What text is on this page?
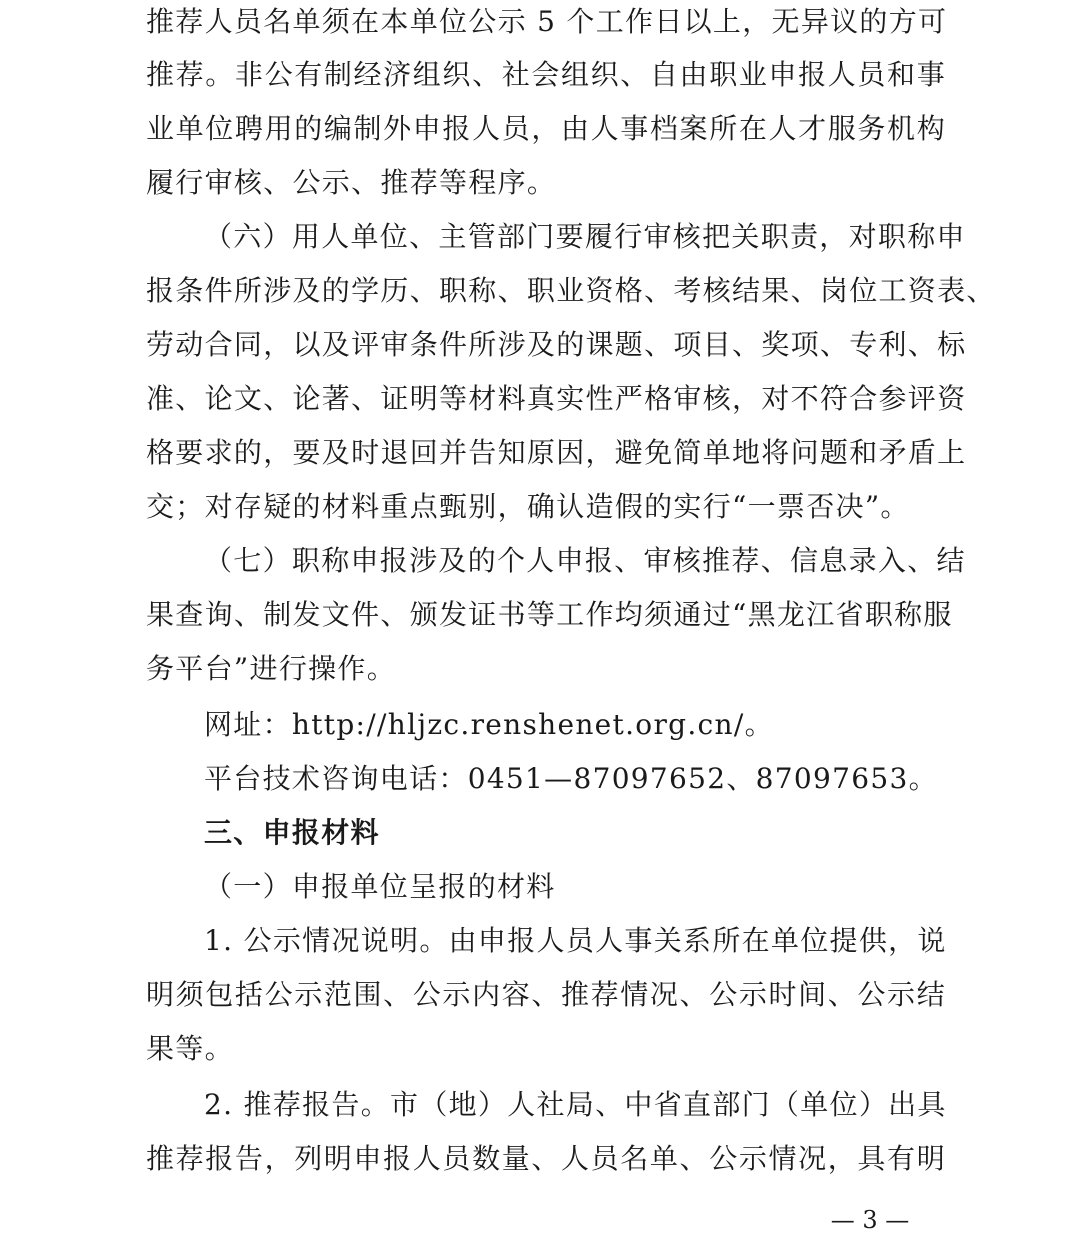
推荐人员名单须在本单位公示 5 个工作日以上，无异议的方可
推荐。非公有制经济组织、社会组织、自由职业申报人员和事
业单位聘用的编制外申报人员，由人事档案所在人才服务机构
履行审核、公示、推荐等程序。
（六）用人单位、主管部门要履行审核把关职责，对职称申
报条件所涉及的学历、职称、职业资格、考核结果、岗位工资表、
劳动合同，以及评审条件所涉及的课题、项目、奖项、专利、标
准、论文、论著、证明等材料真实性严格审核，对不符合参评资
格要求的，要及时退回并告知原因，避免简单地将问题和矛盾上
交；对存疑的材料重点甄别，确认造假的实行“一票否决”。
（七）职称申报涉及的个人申报、审核推荐、信息录入、结
果查询、制发文件、颁发证书等工作均须通过“黑龙江省职称服
务平台”进行操作。
网址：http://hljzc.renshenet.org.cn/。
平台技术咨询电话：0451—87097652、87097653。
三、申报材料
（一）申报单位呈报的材料
1. 公示情况说明。由申报人员人事关系所在单位提供，说
明须包括公示范围、公示内容、推荐情况、公示时间、公示结
果等。
2. 推荐报告。市（地）人社局、中省直部门（单位）出具
推荐报告，列明申报人员数量、人员名单、公示情况，具有明
— 3 —
